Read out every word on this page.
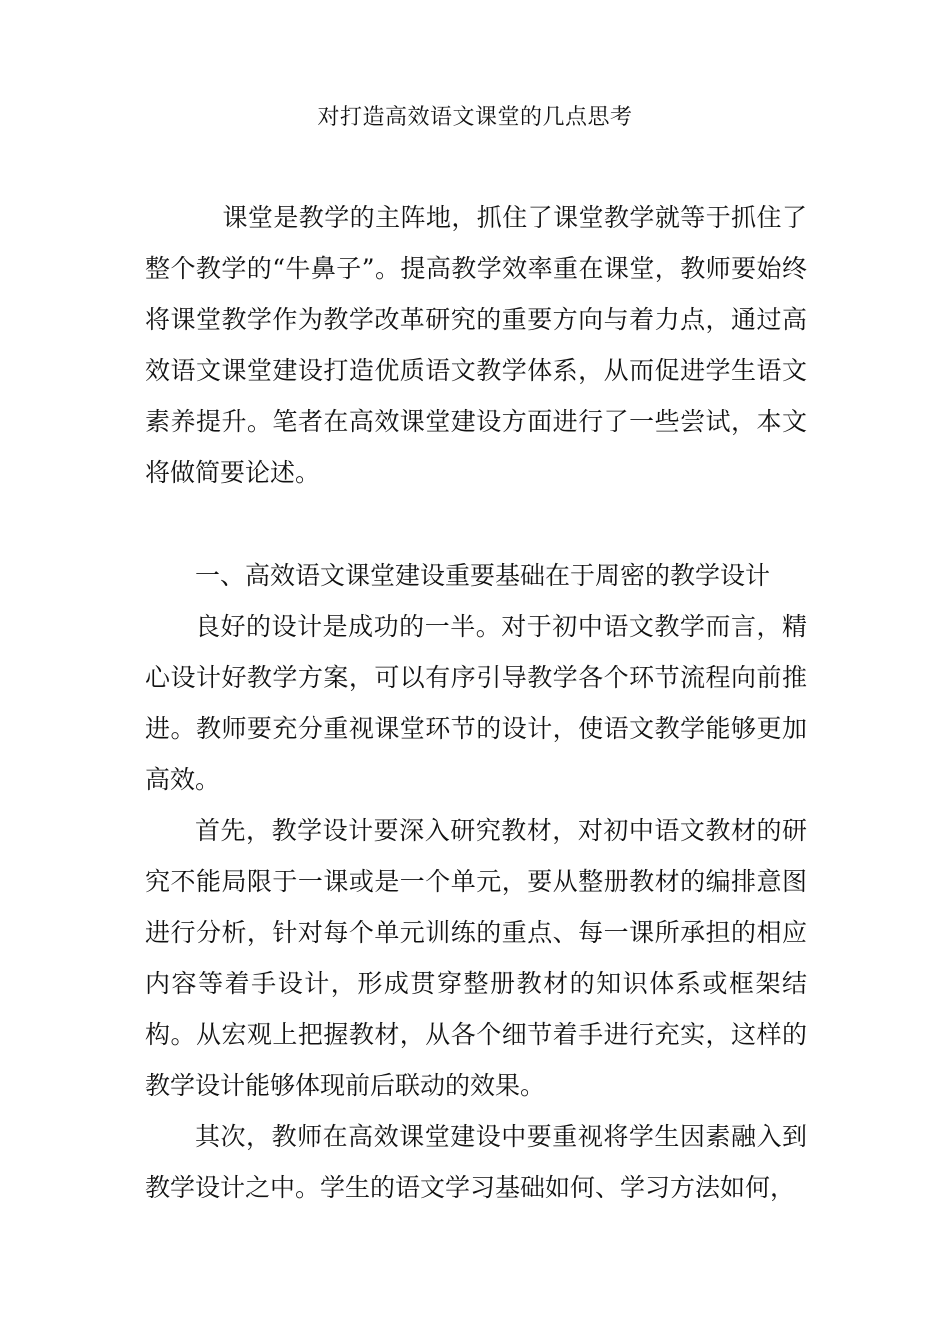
对打造高效语文课堂的几点思考

课堂是教学的主阵地，抓住了课堂教学就等于抓住了整个教学的“牛鼻子”。提高教学效率重在课堂，教师要始终将课堂教学作为教学改革研究的重要方向与着力点，通过高效语文课堂建设打造优质语文教学体系，从而促进学生语文素养提升。笔者在高效课堂建设方面进行了一些尝试，本文将做简要论述。

一、高效语文课堂建设重要基础在于周密的教学设计

良好的设计是成功的一半。对于初中语文教学而言，精心设计好教学方案，可以有序引导教学各个环节流程向前推进。教师要充分重视课堂环节的设计，使语文教学能够更加高效。

首先，教学设计要深入研究教材，对初中语文教材的研究不能局限于一课或是一个单元，要从整册教材的编排意图进行分析，针对每个单元训练的重点、每一课所承担的相应内容等着手设计，形成贯穿整册教材的知识体系或框架结构。从宏观上把握教材，从各个细节着手进行充实，这样的教学设计能够体现前后联动的效果。

其次，教师在高效课堂建设中要重视将学生因素融入到教学设计之中。学生的语文学习基础如何、学习方法如何，
